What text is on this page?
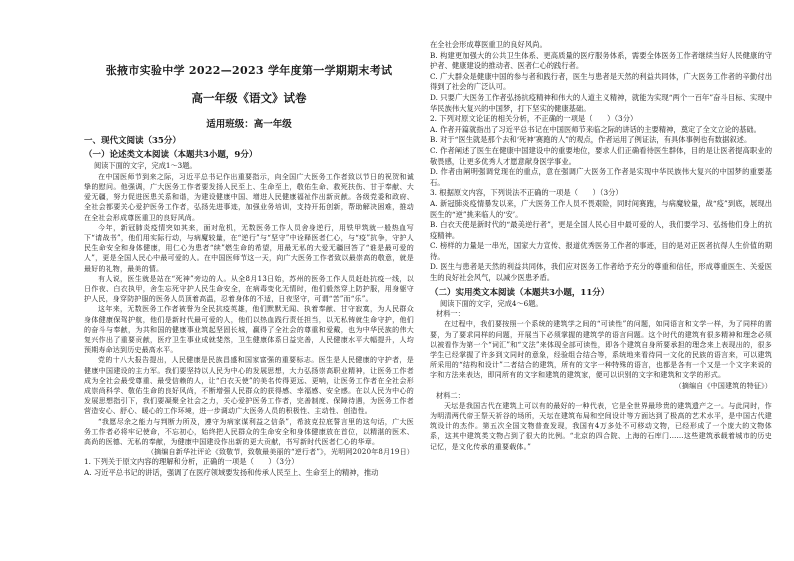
张掖市实验中学 2022—2023 学年度第一学期期末考试
高一年级《语文》试卷
适用班级：高一年级
一、现代文阅读（35分）
（一）论述类文本阅读（本题共3小题，9分）

阅读下面的文字，完成1～3题。

在中国医师节到来之际，习近平总书记作出重要指示，向全国广大医务工作者致以节日的祝贺和诚挚的慰问。他强调，广大医务工作者要发扬人民至上、生命至上，敬佑生命、救死扶伤、甘于奉献、大爱无疆，努力促进医患关系和谐，为建设健康中国、增进人民健康福祉作出新贡献。各级党委和政府、全社会都要关心爱护医务工作者，弘扬先进事迹，加强业务培训，支持开拓创新，帮助解决困难，推动在全社会形成尊医重卫的良好风尚。

今年，新冠肺炎疫情突如其来，面对危机，无数医务工作人员舍身逆行，用铁甲筑就一般热血写下“请战书”，他们用实际行动，与病魔较量，在“逆行”与“坚守”中诠释医者仁心，与“疫”抗争，守护人民生命安全和身体健康，用仁心为患者“续”燃生命的希望，用最无私的大爱无疆回答了“谁是最可爱的人”，更是全国人民心中最可爱的人。在中国医师节这一天，向广大医务工作者致以最崇高的敬意，就是最好的礼物，最美的情。

有人说，医生就是站在“死神”旁边的人。从全8月13日始，苏州的医务工作人员赶赴抗疫一线，以日作夜、白衣执甲，舍生忘死守护人民生命安全，在病毒变化无情时，他们毅然穿上防护服，用身躯守护人民，身穿防护服的医务人员顶着高温，忍着身体的不适，日夜坚守，可谓“苦”而“乐”。

这年来，无数医务工作者被誉为全民抗疫英雄，他们默默无闻、执着奉献、甘守寂寞，为人民群众身体健康保驾护航，他们是新时代最可爱的人，他们以热血践行责任担当，以无私铸就生命守护，他们的奋斗与奉献，为共和国的健康事业筑起坚固长城，赢得了全社会的尊重和爱戴，也为中华民族的伟大复兴作出了重要贡献，医疗卫生事业成就斐然，卫生健康体系日益完善，人民健康水平大幅提升，人均预期寿命达到历史最高水平。

党的十八大报告提出，人民健康是民族昌盛和国家富强的重要标志。医生是人民健康的守护者，是健康中国建设的主力军。我们要坚持以人民为中心的发展思想，大力弘扬崇高职业精神，让医务工作者成为全社会最受尊重、最受信赖的人，让“白衣天使”的美名传得更远、更响，让医务工作者在全社会形成崇尚科学、敬佑生命的良好风尚，不断增强人民群众的获得感、幸福感、安全感。在以人民为中心的发展思想指引下，我们要凝聚全社会之力，关心爱护医务工作者，完善制度、保障待遇，为医务工作者营造安心、舒心、暖心的工作环境，进一步调动广大医务人员的积极性、主动性、创造性。

“我愿尽余之能力与判断力所及，遵守为病家谋利益之信条”，希波克拉底誓言里的这句话，广大医务工作者必将牢记使命，不忘初心，始终把人民群众的生命安全和身体健康放在首位，以精湛的医术、高尚的医德、无私的奉献，为健康中国建设作出新的更大贡献，书写新时代医者仁心的华章。

（摘编自新华社评论《致敬节，致敬最美丽的“逆行者”》，光明网2020年8月19日）

1. 下列关于原文内容的理解和分析，正确的一项是（　　）（3分）

A. 习近平总书记的讲话，强调了在医疗领域要发扬和传承人民至上、生命至上的精神，推动

在全社会形成尊医重卫的良好风尚。

B. 构建更加强大的公共卫生体系、更高质量的医疗服务体系，需要全体医务工作者继续当好人民健康的守护者、健康建设的推动者、医者仁心的践行者。

C. 广大群众是健康中国的参与者和践行者，医生与患者是天然的利益共同体，广大医务工作者的辛勤付出得到了社会的广泛认可。

D. 只要广大医务工作者弘扬抗疫精神和伟大的人道主义精神，就能为实现“两个一百年”奋斗目标、实现中华民族伟大复兴的中国梦，打下坚实的健康基础。

2. 下列对原文论证的相关分析，不正确的一项是（　　）（3分）

A. 作者开篇就指出了习近平总书记在中国医师节来临之际的讲话的主要精神，奠定了全文立论的基础。

B. 对于“医生就是那个去和‘死神’赛跑的人”的观点，作者运用了例证法，有具体事例也有数据叙述。

C. 作者阐述了医生在健康中国建设中的重要地位，要求人们正确看待医生群体，目的是让医者提高职业的敬畏感，让更多优秀人才愿意献身医学事业。

D. 作者由阐明强调党现在的重点，意在强调广大医务工作者是实现中华民族伟大复兴的中国梦的重要基石。

3. 根据原文内容，下列说法不正确的一项是（　　）（3分）

A. 新冠肺炎疫情暴发以来，广大医务工作人员不畏艰险，同时间赛跑，与病魔较量，战“疫”到底，展现出医生的“逆”挑来临人的‘安’。

B. 白衣天使是新时代的“最美逆行者”，更是全国人民心目中最可爱的人，我们要学习、弘扬他们身上的抗疫精神。

C. 榜样的力量是一串光，国家大力宣传、报道优秀医务工作者的事迹，目的是对正医者抗得人生价值的期待。

D. 医生与患者是天然的利益共同体，我们应对医务工作者给予充分的尊重和信任，形成尊重医生、关爱医生的良好社会风气，以减少医患矛盾。

（二）实用类文本阅读（本题共3小题，11分）

阅读下面的文字，完成4～6题。

材料一：

在过程中，我们要按照一个系统的建筑学之间的“可读性”的问题，如同语言和文学一样，为了同样的需要，为了要求同样的问题，开展当下必须掌握的建筑学的语言问题。这个时代的建筑有很多精神和理念必须以被看作为第一个“词汇”和“文法”来体现全部可读性，即各个建筑自身所要承担的理念来上表现出的，很多学生已经掌握了许多到文同时的意象，经验组合结合等，系统地来看待同一文化的民族的语言来，可以建筑所采用的“结构和设计”二者结合的建筑，所有的文字一种特殊的语言，也都是各有一个又是一个文字来说的字和方法来表达，即同所有的文字和建筑的建筑家，便可以识别的文字和建筑和文学的形式。

（摘编自《中国建筑的特征》）

材料二：

天坛是我国古代在建筑上可以有的最好的一种代表，它是全世界最珍贵的建筑遗产之一。与此同时，作为明清两代帝王祭天祈谷的场所，天坛在建筑布局和空间设计等方面达到了极高的艺术水平，是中国古代建筑设计的杰作。第五次全国文物普查发现，我国有4万多处不可移动文物，已经形成了一个庞大的文物体系，这其中建筑类文物占到了很大的比例。“北京的四合院、上海的石库门……这些建筑承载着城市的历史记忆，是文化传承的重要载体。”
